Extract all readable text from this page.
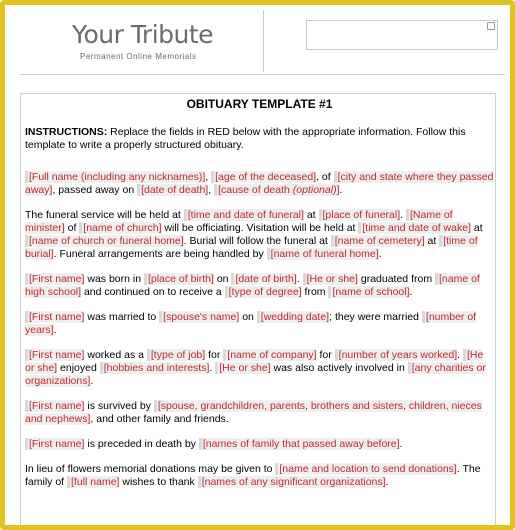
Your Tribute
Permanent Online Memorials
OBITUARY TEMPLATE #1

INSTRUCTIONS: Replace the fields in RED below with the appropriate information. Follow this template to write a properly structured obituary.

[Full name (including any nicknames)], [age of the deceased], of [city and state where they passed away], passed away on [date of death], [cause of death (optional)].

The funeral service will be held at [time and date of funeral] at [place of funeral]. [Name of minister] of [name of church] will be officiating. Visitation will be held at [time and date of wake] at [name of church or funeral home]. Burial will follow the funeral at [name of cemetery] at [time of burial]. Funeral arrangements are being handled by [name of funeral home].

[First name] was born in [place of birth] on [date of birth]. [He or she] graduated from [name of high school] and continued on to receive a [type of degree] from [name of school].

[First name] was married to [spouse's name] on [wedding date]; they were married [number of years].

[First name] worked as a [type of job] for [name of company] for [number of years worked]. [He or she] enjoyed [hobbies and interests]. [He or she] was also actively involved in [any charities or organizations].

[First name] is survived by [spouse, grandchildren, parents, brothers and sisters, children, nieces and nephews], and other family and friends.

[First name] is preceded in death by [names of family that passed away before].

In lieu of flowers memorial donations may be given to [name and location to send donations]. The family of [full name] wishes to thank [names of any significant organizations].
